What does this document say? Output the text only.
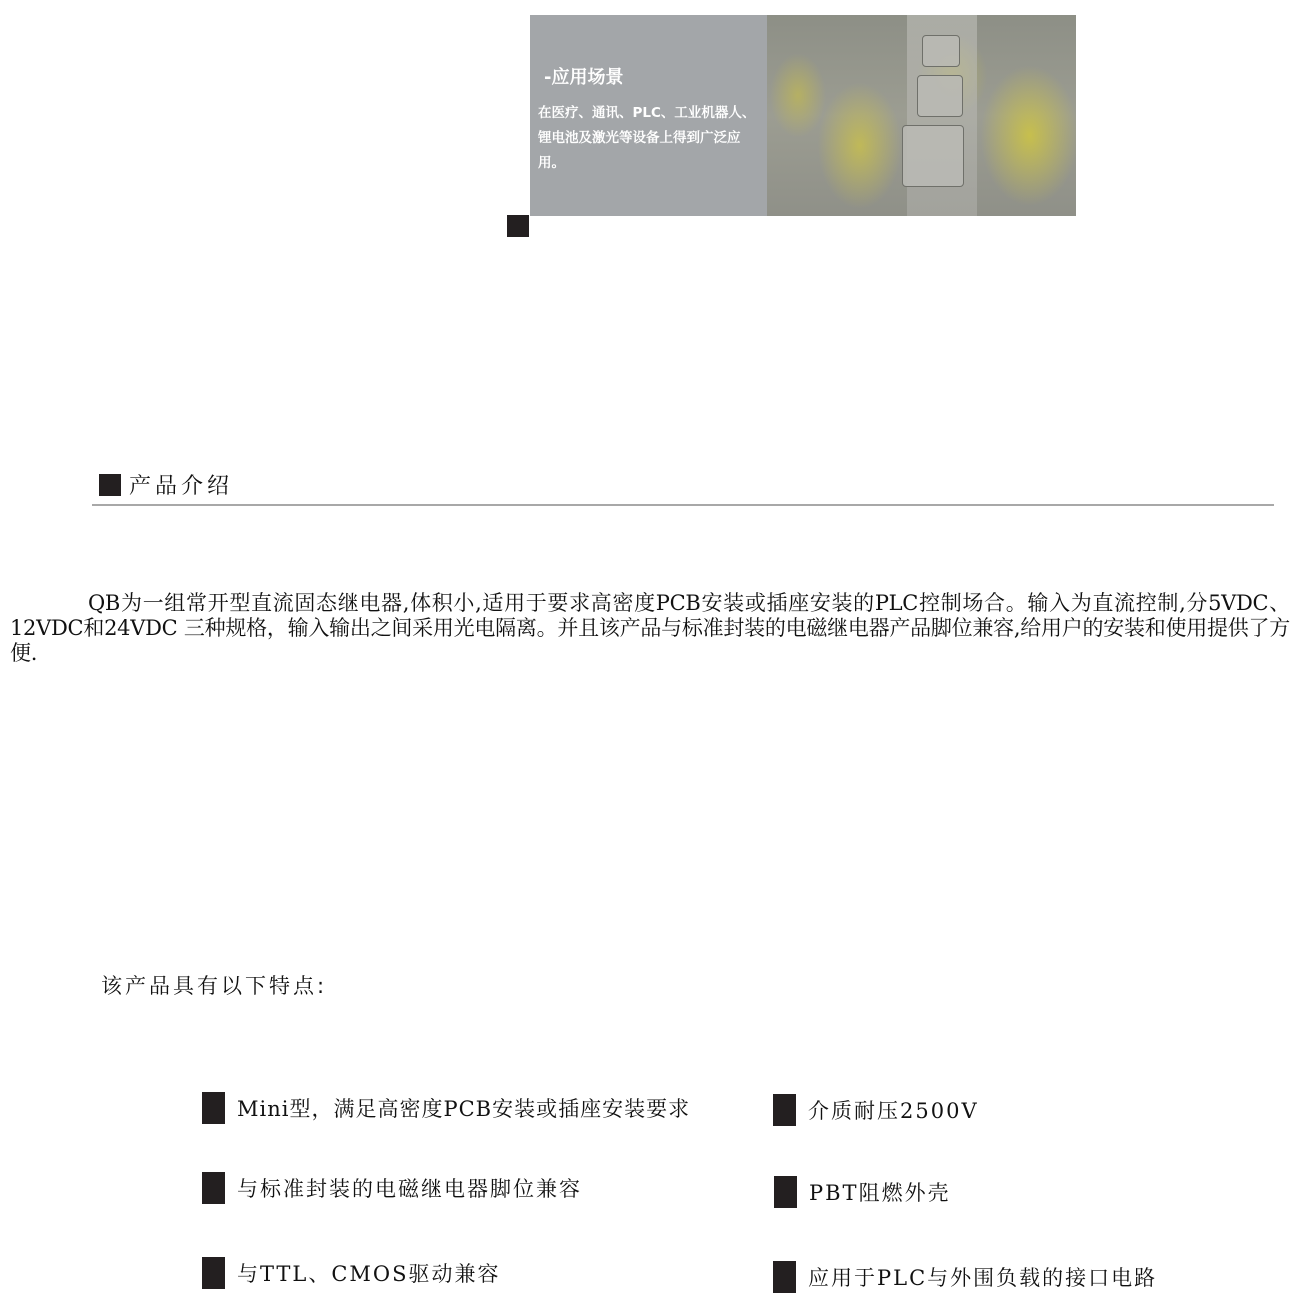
-应用场景
在医疗、通讯、PLC、工业机器人、锂电池及激光等设备上得到广泛应用。
产品介绍
QB为一组常开型直流固态继电器,体积小,适用于要求高密度PCB安装或插座安装的PLC控制场合。输入为直流控制,分5VDC、12VDC和24VDC 三种规格，输入输出之间采用光电隔离。并且该产品与标准封装的电磁继电器产品脚位兼容,给用户的安装和使用提供了方便.
该产品具有以下特点:
Mini型，满足高密度PCB安装或插座安装要求	介质耐压2500V
与标准封装的电磁继电器脚位兼容	PBT阻燃外壳
与TTL、CMOS驱动兼容	应用于PLC与外围负载的接口电路
